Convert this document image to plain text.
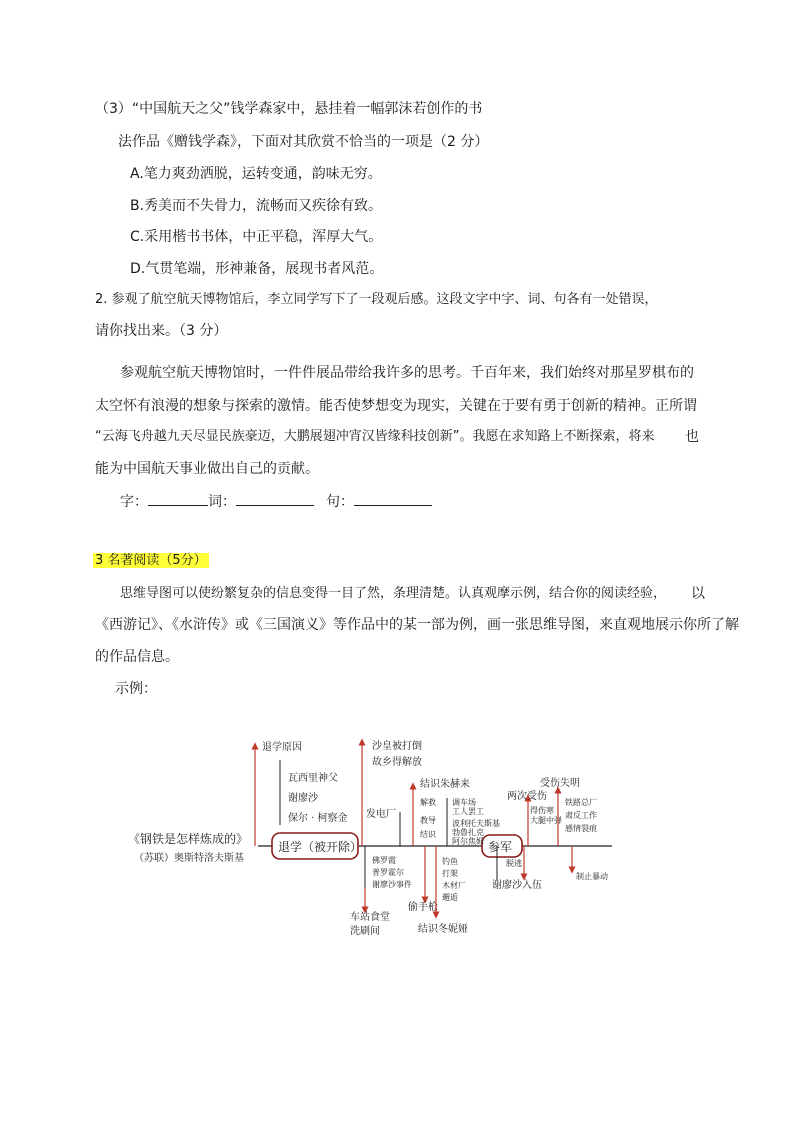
（3）“中国航天之父”钱学森家中，悬挂着一幅郭沫若创作的书
法作品《赠钱学森》，下面对其欣赏不恰当的一项是（2 分）
A.笔力爽劲洒脱，运转变通，韵味无穷。
B.秀美而不失骨力，流畅而又疾徐有致。
C.采用楷书书体，中正平稳，浑厚大气。
D.气贯笔端，形神兼备，展现书者风范。
2. 参观了航空航天博物馆后，李立同学写下了一段观后感。这段文字中字、词、句各有一处错误，
请你找出来。（3 分）
参观航空航天博物馆时，一件件展品带给我许多的思考。千百年来，我们始终对那星罗棋布的
太空怀有浪漫的想象与探索的激情。能否使梦想变为现实，关键在于要有勇于创新的精神。正所谓
“云海飞舟越九天尽显民族豪迈，大鹏展翅冲宵汉皆缘科技创新”。我愿在求知路上不断探索，将来 也
能为中国航天事业做出自己的贡献。
字：	词：	句：
3 名著阅读（5分）
思维导图可以使纷繁复杂的信息变得一目了然，条理清楚。认真观摩示例，结合你的阅读经验， 以
《西游记》、《水浒传》或《三国演义》等作品中的某一部为例，画一张思维导图，来直观地展示你所了解
的作品信息。
示例：
《钢铁是怎样炼成的》
（苏联）奥斯特洛夫斯基
退学（被开除）	参军
退学原因
瓦西里神父
谢廖沙
保尔 · 柯察金 发电厂
沙皇被打倒
故乡得解放
结识朱赫来
解救
教导
结识
调车场
工人罢工
波利托夫斯基
勃鲁扎克
阿尔焦姆
两次受伤
得伤寒
大腿中弹
受伤失明
铁路总厂
肃反工作
感情裂痕
佛罗霞
普罗霍尔
谢廖沙事件
车站食堂
洗刷间
偷手枪
钓鱼
打架
木材厂
邂逅
结识冬妮娅
脱逃
谢廖沙入伍
制止暴动
